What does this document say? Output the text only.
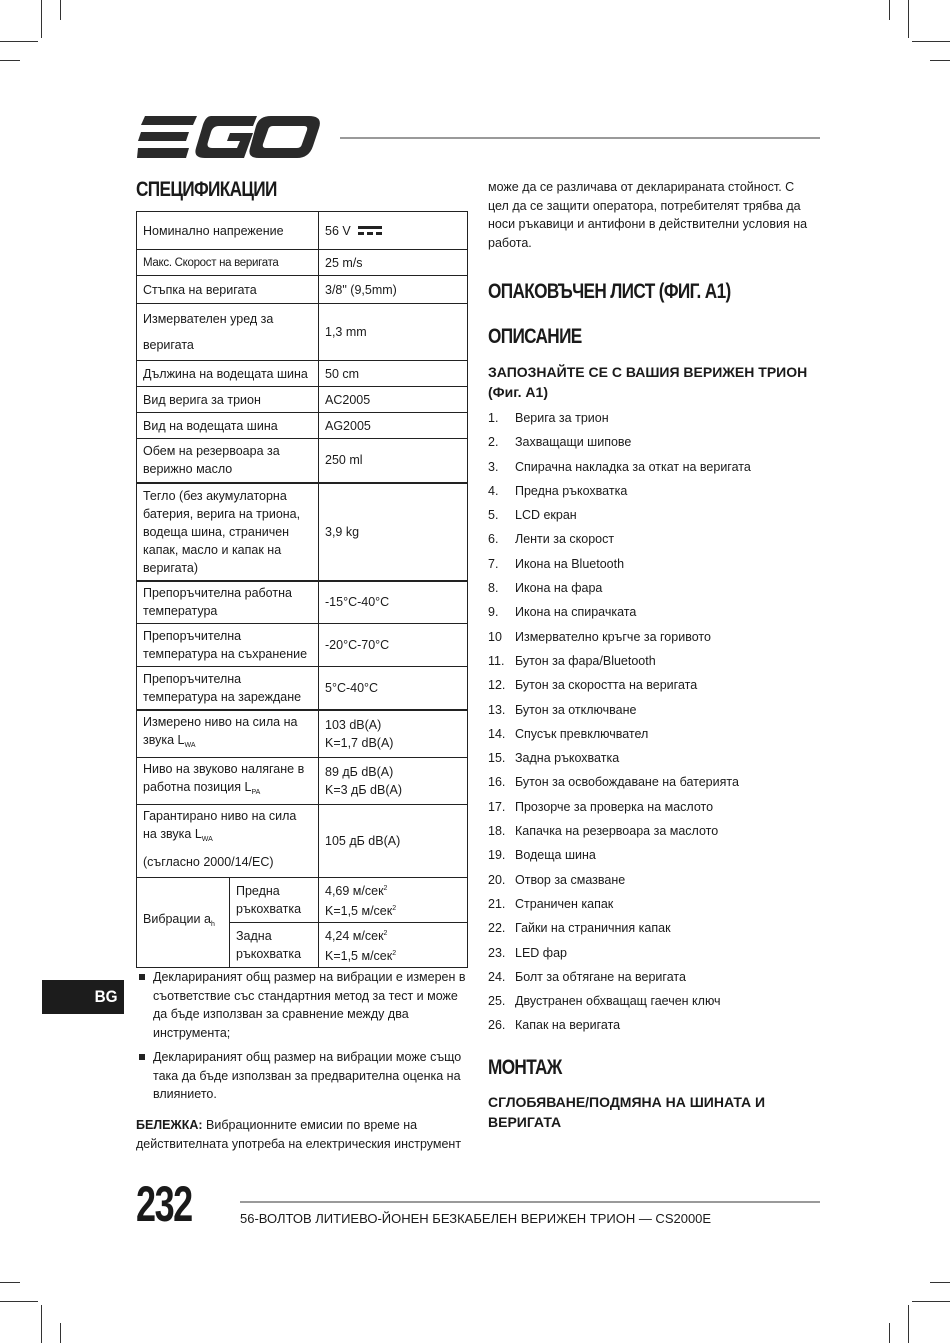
СПЕЦИФИКАЦИИ
Номинално напрежение		56 V
Макс. Скорост на веригата		25 m/s
Стъпка на веригата		3/8" (9,5mm)
Измервателен уред за веригата		1,3 mm
Дължина на водещата шина		50 cm
Вид верига за трион		AC2005
Вид на водещата шина		AG2005
Обем на резервоара за верижно масло		250 ml
Тегло (без акумулаторна батерия, верига на триона, водеща шина, страничен капак, масло и капак на веригата)		3,9 kg
Препоръчителна работна температура		-15°C-40°C
Препоръчителна температура на съхранение		-20°C-70°C
Препоръчителна температура на зареждане		5°C-40°C
Измерено ниво на сила на звука $L_{WA}$		103 dB(A)
K=1,7 dB(A)
Ниво на звуково налягане в
работна позиция $L_{PA}$		89 дБ dB(A)
K=3 дБ dB(A)
Гарантирано ниво на сила
на звука $L_{WA}$
(съгласно 2000/14/ЕС)		105 дБ dB(A)
Вибрации $a_h$	Предна ръкохватка	4,69 м/сек$^2$
K=1,5 м/сек$^2$
	Задна ръкохватка	4,24 м/сек$^2$
K=1,5 м/сек$^2$
Декларираният общ размер на вибрации е измерен в съответствие със стандартния метод за тест и може да бъде използван за сравнение между два инструмента;
Декларираният общ размер на вибрации може също така да бъде използван за предварителна оценка на влиянието.

БЕЛЕЖКА: Вибрационните емисии по време на действителната употреба на електрическия инструмент

BG

може да се различава от декларираната стойност. С цел да се защити оператора, потребителят трябва да носи ръкавици и антифони в действителни условия на работа.

ОПАКОВЪЧЕН ЛИСТ (ФИГ. A1)
ОПИСАНИЕ
ЗАПОЗНАЙТЕ СЕ С ВАШИЯ ВЕРИЖЕН ТРИОН (Фиг. A1)
1. Верига за трион
2. Захващащи шипове
3. Спирачна накладка за откат на веригата
4. Предна ръкохватка
5. LCD екран
6. Ленти за скорост
7. Икона на Bluetooth
8. Икона на фара
9. Икона на спирачката
10 Измервателно кръгче за горивото
11. Бутон за фара/Bluetooth
12. Бутон за скоростта на веригата
13. Бутон за отключване
14. Спусък превключвател
15. Задна ръкохватка
16. Бутон за освобождаване на батерията
17. Прозорче за проверка на маслото
18. Капачка на резервоара за маслото
19. Водеща шина
20. Отвор за смазване
21. Страничен капак
22. Гайки на страничния капак
23. LED фар
24. Болт за обтягане на веригата
25. Двустранен обхващащ гаечен ключ
26. Капак на веригата
МОНТАЖ
СГЛОБЯВАНЕ/ПОДМЯНА НА ШИНАТА И ВЕРИГАТА

232	56-ВОЛТОВ ЛИТИЕВО-ЙОНЕН БЕЗКАБЕЛЕН ВЕРИЖЕН ТРИОН — CS2000E
